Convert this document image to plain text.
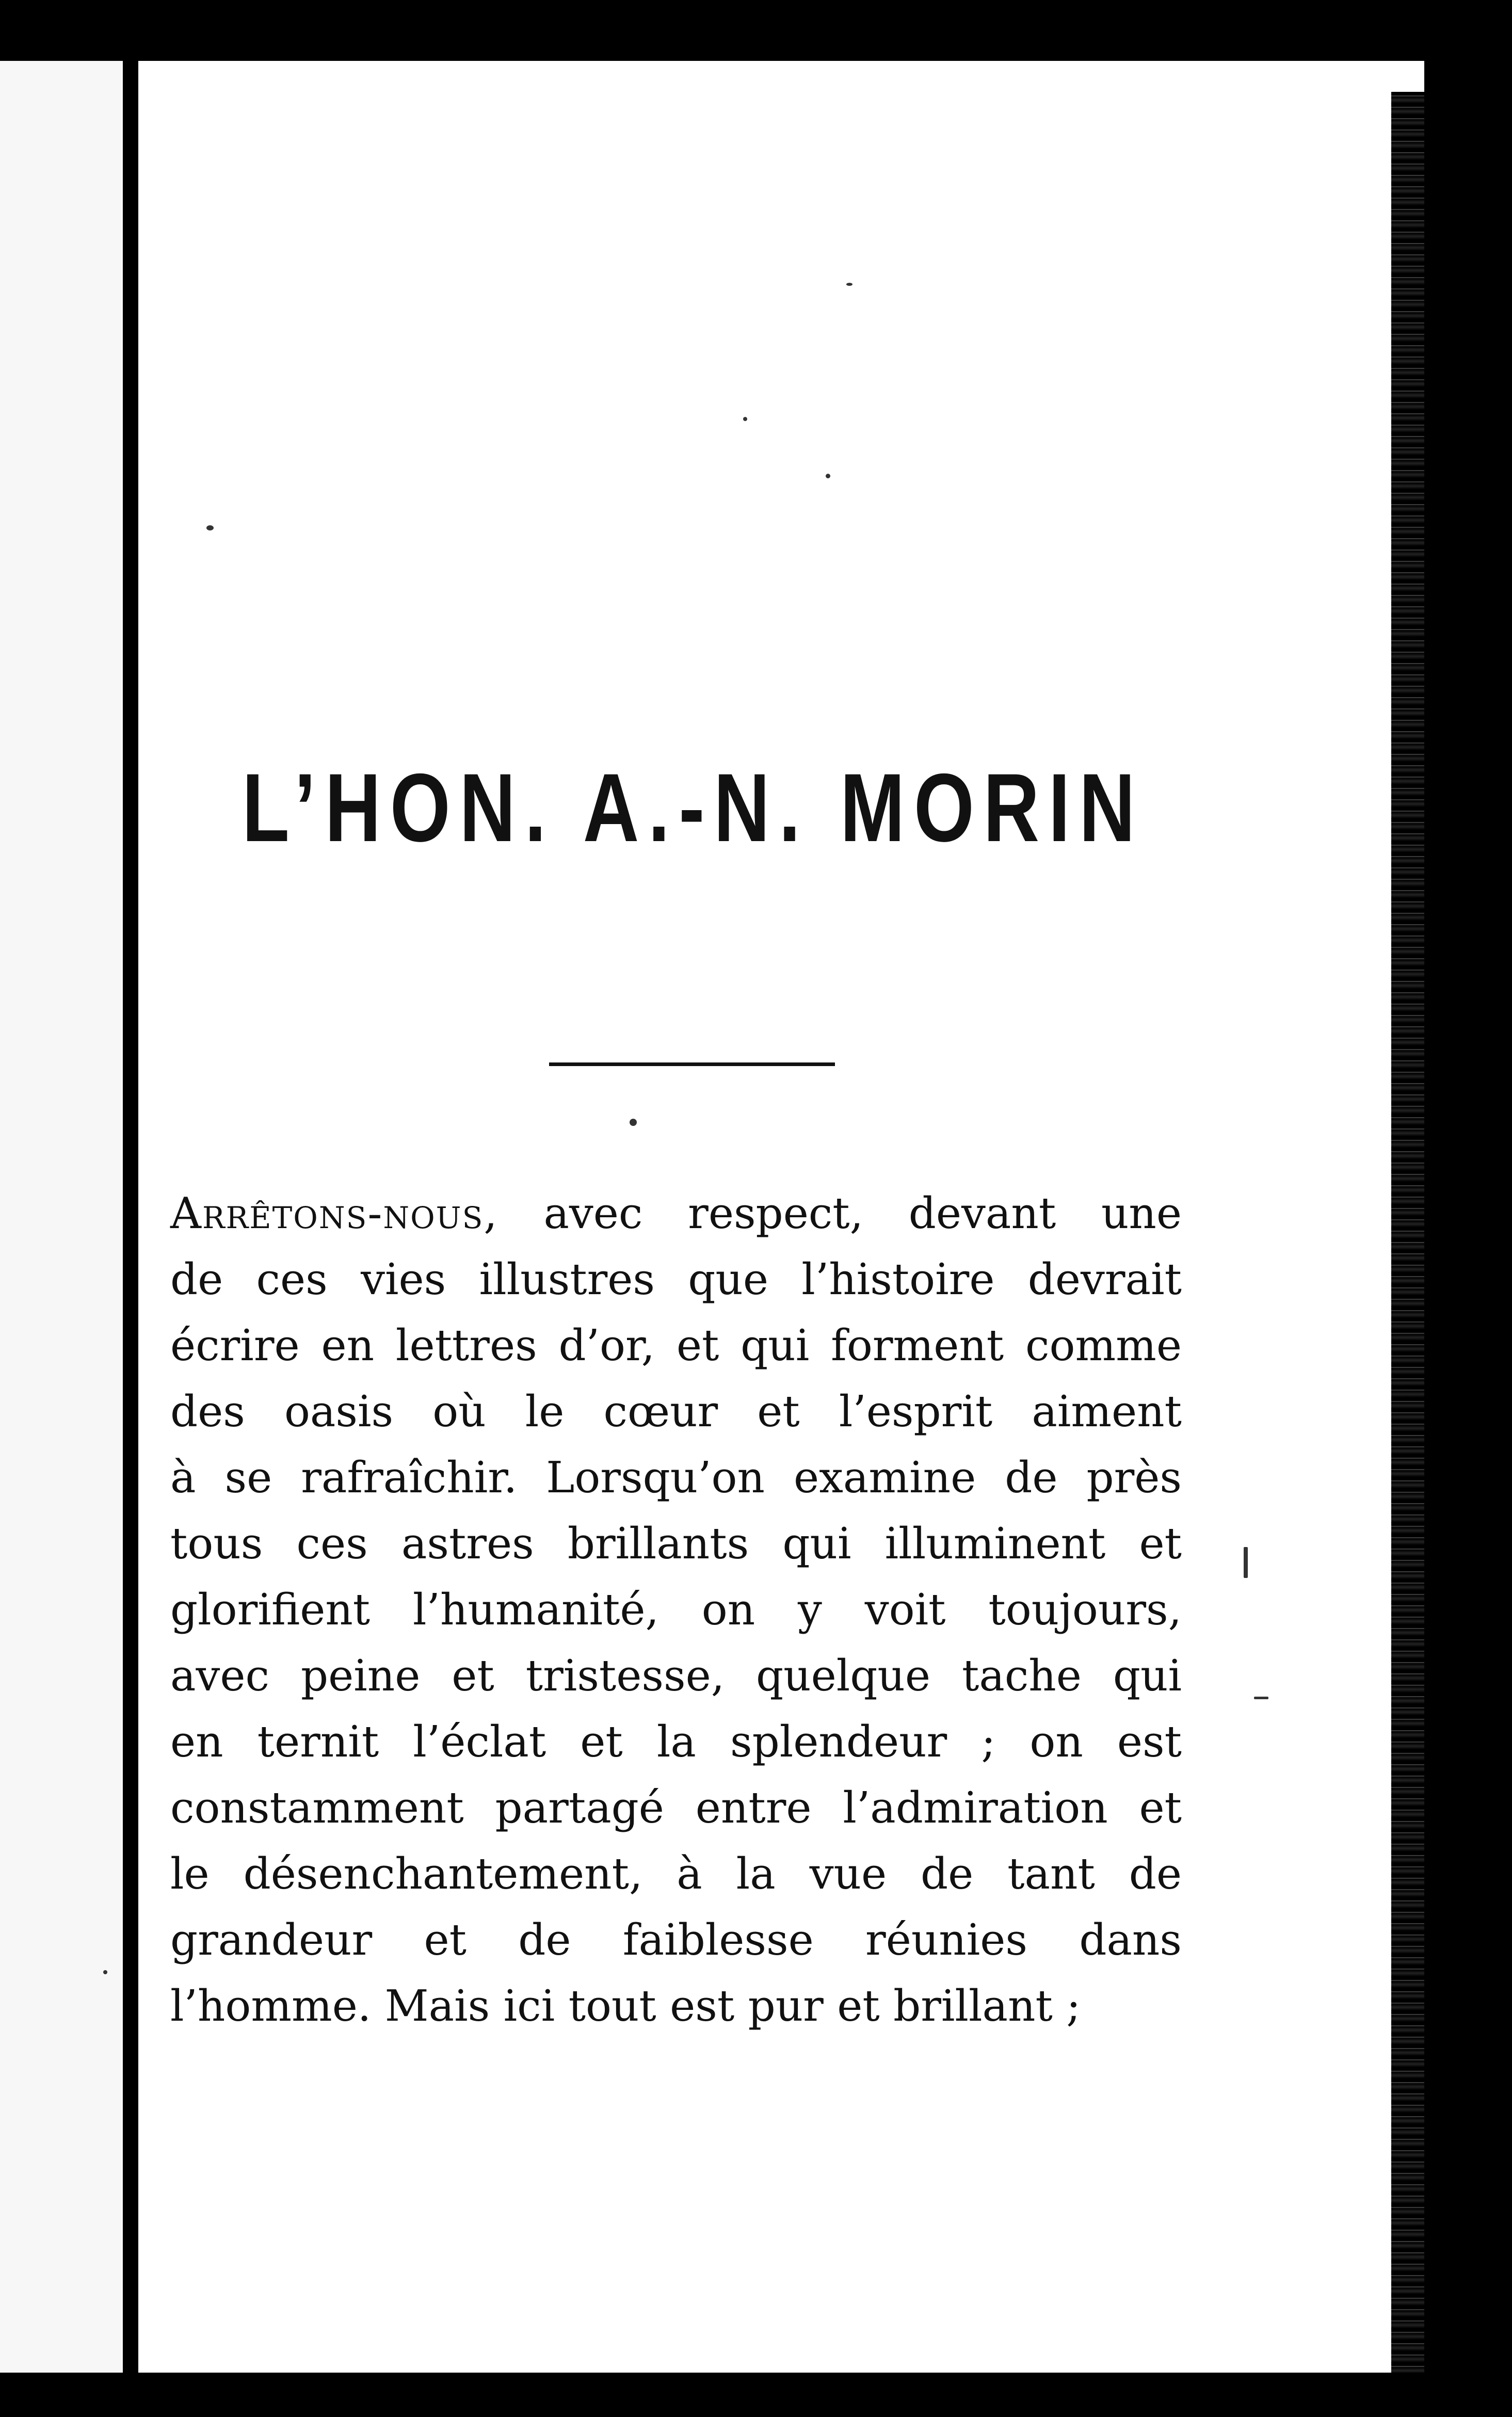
L’HON. A.-N. MORIN
Arrêtons-nous, avec respect, devant une
de ces vies illustres que l’histoire devrait
écrire en lettres d’or, et qui forment comme
des oasis où le cœur et l’esprit aiment
à se rafraîchir. Lorsqu’on examine de près
tous ces astres brillants qui illuminent et
glorifient l’humanité, on y voit toujours,
avec peine et tristesse, quelque tache qui
en ternit l’éclat et la splendeur ; on est
constamment partagé entre l’admiration et
le désenchantement, à la vue de tant de
grandeur et de faiblesse réunies dans
l’homme. Mais ici tout est pur et brillant ;
